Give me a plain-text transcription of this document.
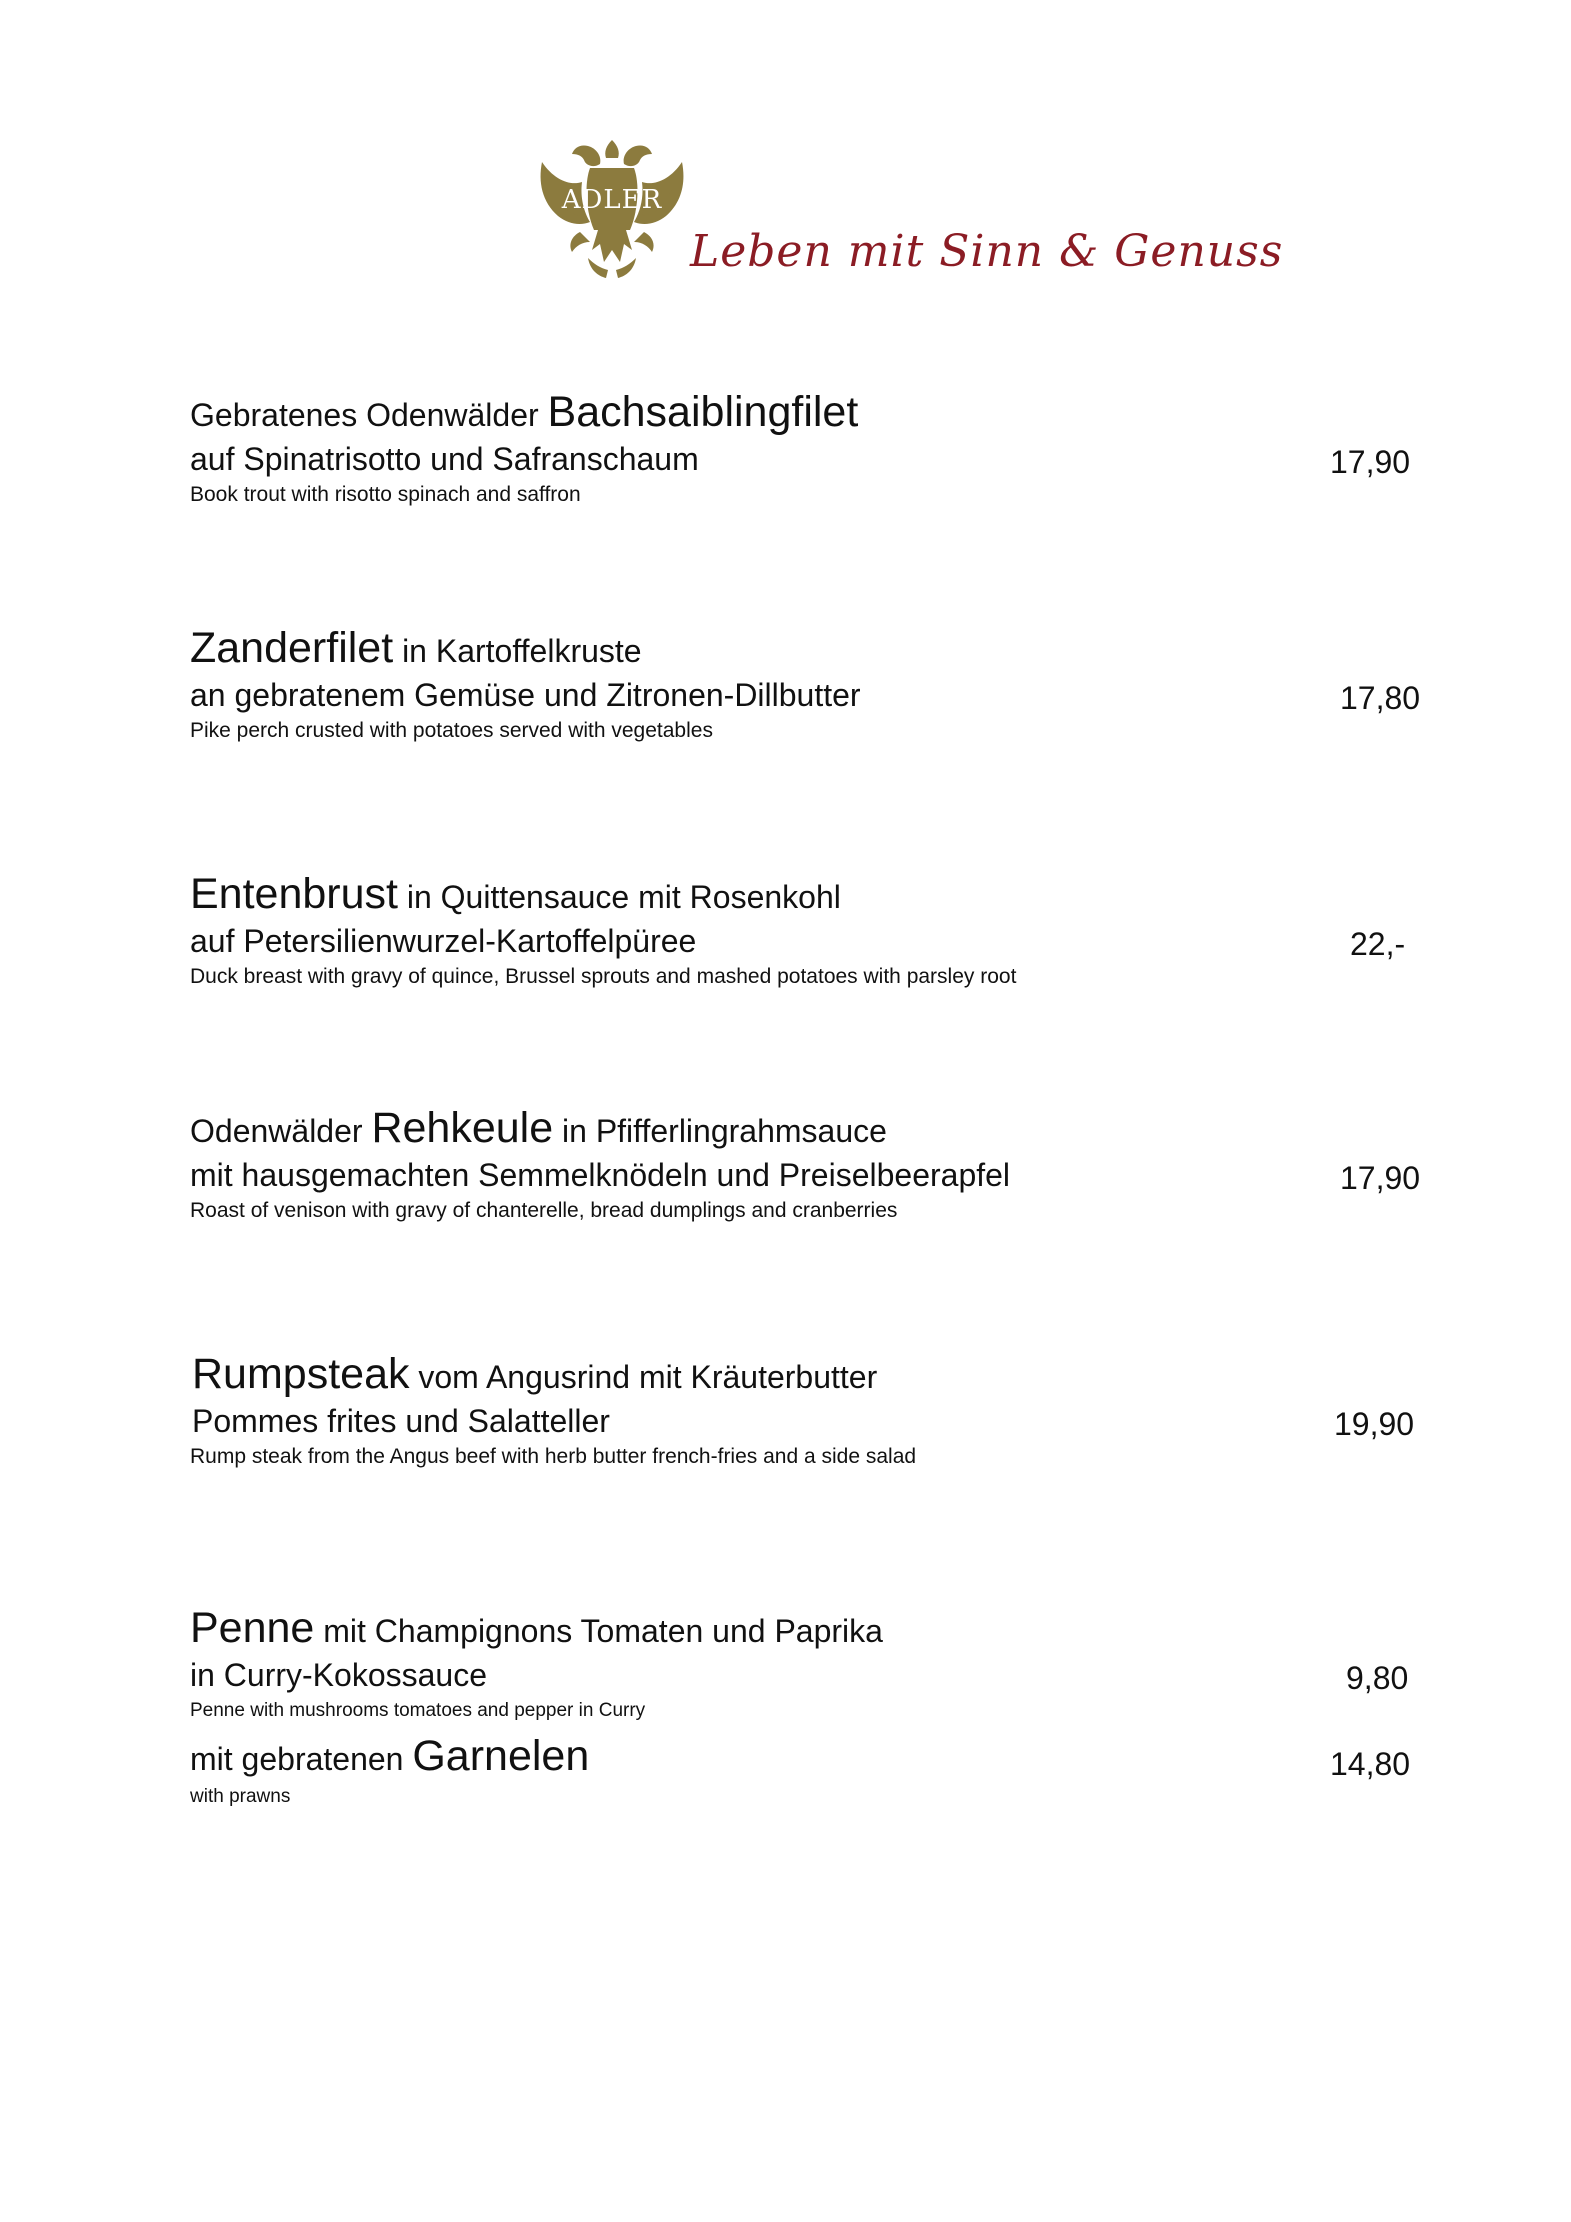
ADLER
Leben mit Sinn & Genuss
Gebratenes Odenwälder Bachsaiblingfilet
auf Spinatrisotto und Safranschaum
Book trout with risotto spinach and saffron
17,90
Zanderfilet in Kartoffelkruste
an gebratenem Gemüse und Zitronen-Dillbutter
Pike perch crusted with potatoes served with vegetables
17,80
Entenbrust in Quittensauce mit Rosenkohl
auf Petersilienwurzel-Kartoffelpüree
Duck breast with gravy of quince, Brussel sprouts and mashed potatoes with parsley root
22,-
Odenwälder Rehkeule in Pfifferlingrahmsauce
mit hausgemachten Semmelknödeln und Preiselbeerapfel
Roast of venison with gravy of chanterelle, bread dumplings and cranberries
17,90
Rumpsteak vom Angusrind mit Kräuterbutter
Pommes frites und Salatteller
Rump steak from the Angus beef with herb butter french-fries and a side salad
19,90
Penne mit Champignons Tomaten und Paprika
in Curry-Kokossauce
Penne with mushrooms tomatoes and pepper in Curry
9,80
mit gebratenen Garnelen
with prawns
14,80
